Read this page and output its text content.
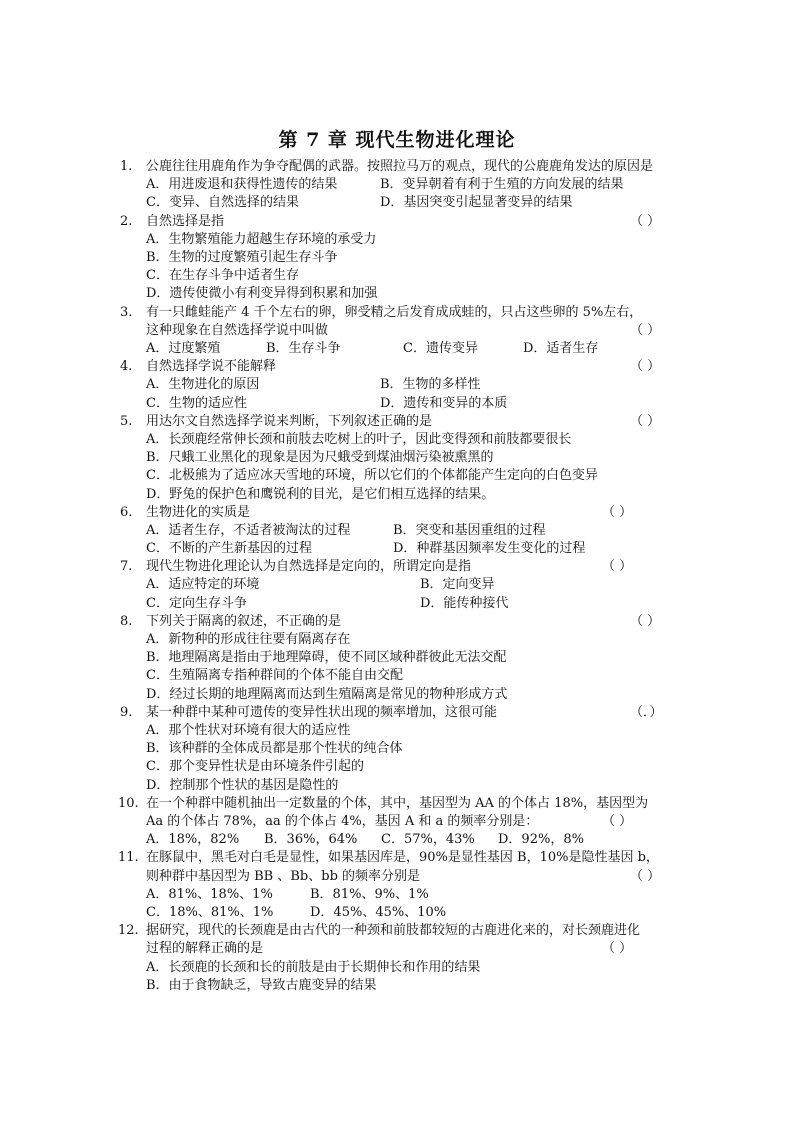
第 7 章 现代生物进化理论
1. 公鹿往往用鹿角作为争夺配偶的武器。按照拉马万的观点，现代的公鹿鹿角发达的原因是
A．用进废退和获得性遗传的结果	B．变异朝着有利于生殖的方向发展的结果
C．变异、自然选择的结果	D．基因突变引起显著变异的结果
2. 自然选择是指	（ ）
A．生物繁殖能力超越生存环境的承受力
B．生物的过度繁殖引起生存斗争
C．在生存斗争中适者生存
D．遗传使微小有利变异得到积累和加强
3. 有一只雌蛙能产 4 千个左右的卵，卵受精之后发育成成蛙的，只占这些卵的 5%左右，
这种现象在自然选择学说中叫做	（ ）
A．过度繁殖	B．生存斗争	C．遗传变异	D．适者生存
4. 自然选择学说不能解释	（ ）
A．生物进化的原因	B．生物的多样性
C．生物的适应性	D．遗传和变异的本质
5. 用达尔文自然选择学说来判断，下列叙述正确的是	（ ）
A．长颈鹿经常伸长颈和前肢去吃树上的叶子，因此变得颈和前肢都要很长
B．尺蛾工业黑化的现象是因为尺蛾受到煤油烟污染被熏黑的
C．北极熊为了适应冰天雪地的环境，所以它们的个体都能产生定向的白色变异
D．野兔的保护色和鹰锐利的目光，是它们相互选择的结果。
6. 生物进化的实质是	（ ）
A．适者生存，不适者被淘汰的过程	B．突变和基因重组的过程
C．不断的产生新基因的过程	D．种群基因频率发生变化的过程
7. 现代生物进化理论认为自然选择是定向的，所谓定向是指	（ ）
A．适应特定的环境	B．定向变异
C．定向生存斗争	D．能传种接代
8. 下列关于隔离的叙述，不正确的是	（ ）
A．新物种的形成往往要有隔离存在
B．地理隔离是指由于地理障碍，使不同区域种群彼此无法交配
C．生殖隔离专指种群间的个体不能自由交配
D．经过长期的地理隔离而达到生殖隔离是常见的物种形成方式
9. 某一种群中某种可遗传的变异性状出现的频率增加，这很可能	（．）
A．那个性状对环境有很大的适应性
B．该种群的全体成员都是那个性状的纯合体
C．那个变异性状是由环境条件引起的
D．控制那个性状的基因是隐性的
10. 在一个种群中随机抽出一定数量的个体，其中，基因型为 AA 的个体占 18%，基因型为
Aa 的个体占 78%，aa 的个体占 4%，基因 A 和 a 的频率分别是：	（ ）
A．18%，82% B．36%，64% C．57%，43% D．92%，8%
11. 在豚鼠中，黑毛对白毛是显性，如果基因库是，90%是显性基因 B，10%是隐性基因 b，
则种群中基因型为 BB 、Bb、bb 的频率分别是	（ ）
A．81%、18%、1%	B．81%、9%、1%
C．18%、81%、1%	D．45%、45%、10%
12. 据研究，现代的长颈鹿是由古代的一种颈和前肢都较短的古鹿进化来的，对长颈鹿进化
过程的解释正确的是	（ ）
A．长颈鹿的长颈和长的前肢是由于长期伸长和作用的结果
B．由于食物缺乏，导致古鹿变异的结果
